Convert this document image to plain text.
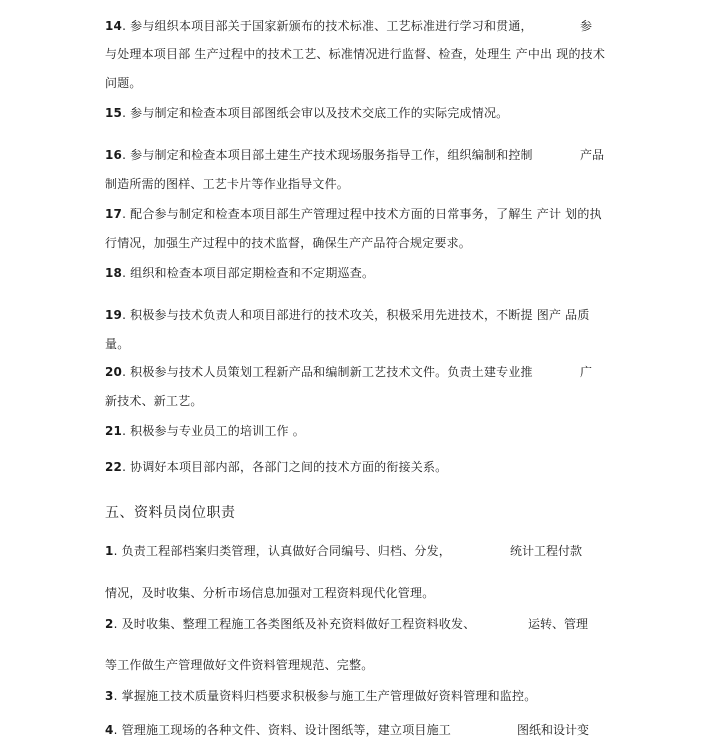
14. 参与组织本项目部关于国家新颁布的技术标准、工艺标准进行学习和贯通，	参
与处理本项目部 生产过程中的技术工艺、标准情况进行监督、检查，处理生 产中出 现的技术
问题。
15. 参与制定和检查本项目部图纸会审以及技术交底工作的实际完成情况。
16. 参与制定和检查本项目部土建生产技术现场服务指导工作，组织编制和控制	产品
制造所需的图样、工艺卡片等作业指导文件。
17. 配合参与制定和检查本项目部生产管理过程中技术方面的日常事务，了解生 产计 划的执
行情况，加强生产过程中的技术监督，确保生产产品符合规定要求。
18. 组织和检查本项目部定期检查和不定期巡查。
19. 积极参与技术负责人和项目部进行的技术攻关，积极采用先进技术，不断提 图产 品质
量。
20. 积极参与技术人员策划工程新产品和编制新工艺技术文件。负责土建专业推	广
新技术、新工艺。
21. 积极参与专业员工的培训工作 。
22. 协调好本项目部内部，各部门之间的技术方面的衔接关系。
五、资料员岗位职责
1. 负责工程部档案归类管理，认真做好合同编号、归档、分发，	统计工程付款
情况，及时收集、分析市场信息加强对工程资料现代化管理。
2. 及时收集、整理工程施工各类图纸及补充资料做好工程资料收发、	运转、管理
等工作做生产管理做好文件资料管理规范、完整。
3. 掌握施工技术质量资料归档要求积极参与施工生产管理做好资料管理和监控。
4. 管理施工现场的各种文件、资料、设计图纸等，建立项目施工	图纸和设计变
